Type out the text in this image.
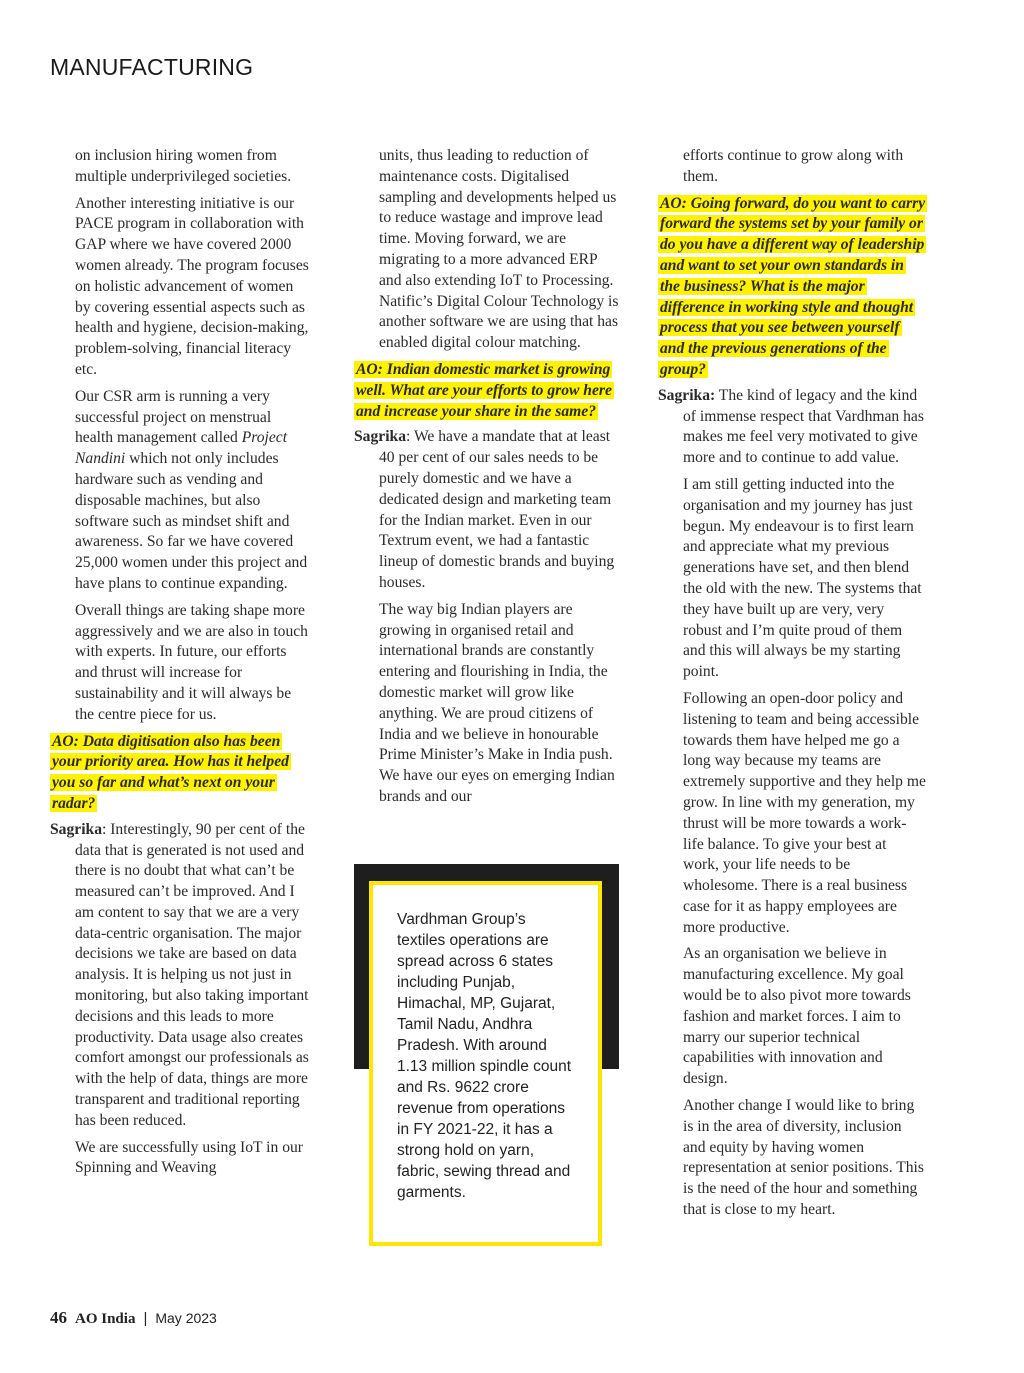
MANUFACTURING

on inclusion hiring women from multiple underprivileged societies.

Another interesting initiative is our PACE program in collaboration with GAP where we have covered 2000 women already. The program focuses on holistic advancement of women by covering essential aspects such as health and hygiene, decision-making, problem-solving, financial literacy etc.

Our CSR arm is running a very successful project on menstrual health management called Project Nandini which not only includes hardware such as vending and disposable machines, but also software such as mindset shift and awareness. So far we have covered 25,000 women under this project and have plans to continue expanding.

Overall things are taking shape more aggressively and we are also in touch with experts. In future, our efforts and thrust will increase for sustainability and it will always be the centre piece for us.

AO: Data digitisation also has been your priority area. How has it helped you so far and what’s next on your radar?

Sagrika: Interestingly, 90 per cent of the data that is generated is not used and there is no doubt that what can’t be measured can’t be improved. And I am content to say that we are a very data-centric organisation. The major decisions we take are based on data analysis. It is helping us not just in monitoring, but also taking important decisions and this leads to more productivity. Data usage also creates comfort amongst our professionals as with the help of data, things are more transparent and traditional reporting has been reduced.

We are successfully using IoT in our Spinning and Weaving

units, thus leading to reduction of maintenance costs. Digitalised sampling and developments helped us to reduce wastage and improve lead time. Moving forward, we are migrating to a more advanced ERP and also extending IoT to Processing. Natific’s Digital Colour Technology is another software we are using that has enabled digital colour matching.

AO: Indian domestic market is growing well. What are your efforts to grow here and increase your share in the same?

Sagrika: We have a mandate that at least 40 per cent of our sales needs to be purely domestic and we have a dedicated design and marketing team for the Indian market. Even in our Textrum event, we had a fantastic lineup of domestic brands and buying houses.

The way big Indian players are growing in organised retail and international brands are constantly entering and flourishing in India, the domestic market will grow like anything. We are proud citizens of India and we believe in honourable Prime Minister’s Make in India push. We have our eyes on emerging Indian brands and our

Vardhman Group’s textiles operations are spread across 6 states including Punjab, Himachal, MP, Gujarat, Tamil Nadu, Andhra Pradesh. With around 1.13 million spindle count and Rs. 9622 crore revenue from operations in FY 2021-22, it has a strong hold on yarn, fabric, sewing thread and garments.

efforts continue to grow along with them.

AO: Going forward, do you want to carry forward the systems set by your family or do you have a different way of leadership and want to set your own standards in the business? What is the major difference in working style and thought process that you see between yourself and the previous generations of the group?

Sagrika: The kind of legacy and the kind of immense respect that Vardhman has makes me feel very motivated to give more and to continue to add value.

I am still getting inducted into the organisation and my journey has just begun. My endeavour is to first learn and appreciate what my previous generations have set, and then blend the old with the new. The systems that they have built up are very, very robust and I’m quite proud of them and this will always be my starting point.

Following an open-door policy and listening to team and being accessible towards them have helped me go a long way because my teams are extremely supportive and they help me grow. In line with my generation, my thrust will be more towards a work-life balance. To give your best at work, your life needs to be wholesome. There is a real business case for it as happy employees are more productive.

As an organisation we believe in manufacturing excellence. My goal would be to also pivot more towards fashion and market forces. I aim to marry our superior technical capabilities with innovation and design.

Another change I would like to bring is in the area of diversity, inclusion and equity by having women representation at senior positions. This is the need of the hour and something that is close to my heart.

46 AO India | May 2023
